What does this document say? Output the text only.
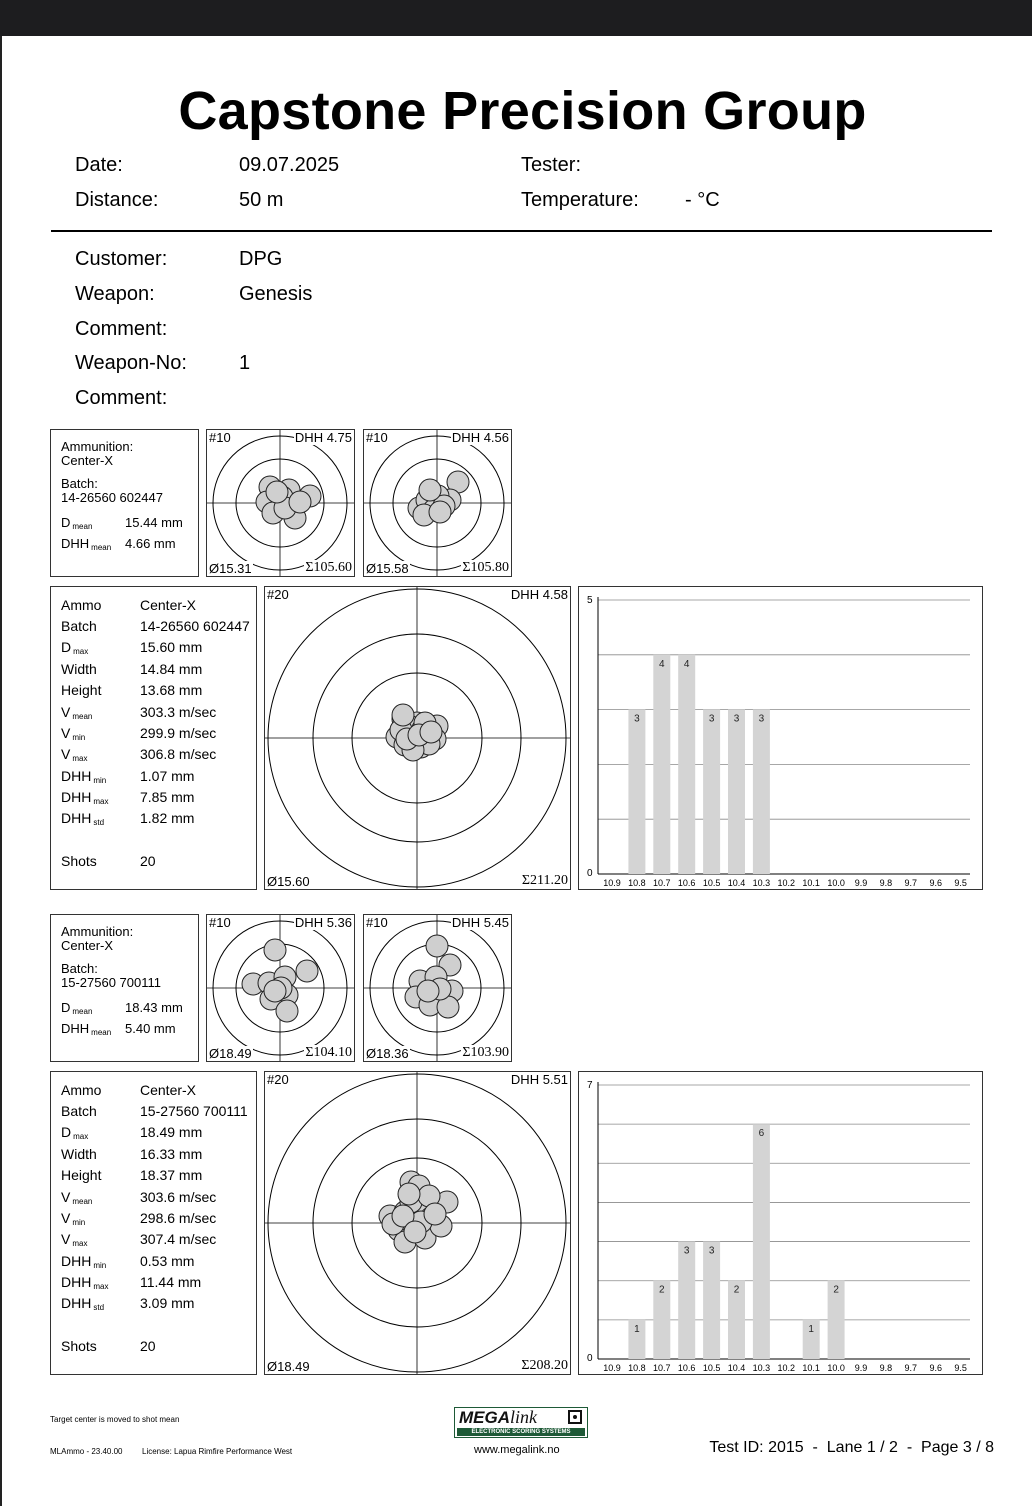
Capstone Precision Group
Date:	09.07.2025	Tester:
Distance:	50 m	Temperature: - °C
Customer:	DPG
Weapon:	Genesis
Comment:
Weapon-No:	1
Comment:
Ammunition:
Center-X
Batch:
14-26560 602447
D $_{mean}$	15.44 mm
DHH $_{mean}$ 4.66 mm
#10	DHH 4.75
Ø15.31	Σ105.60
#10	DHH 4.56
Ø15.58	Σ105.80
Ammo	Center-X
Batch	14-26560 602447
D $_{max}$	15.60 mm
Width	14.84 mm
Height	13.68 mm
V $_{mean}$	303.3 m/sec
V $_{min}$	299.9 m/sec
V $_{max}$	306.8 m/sec
DHH $_{min}$ 1.07 mm
DHH $_{max}$ 7.85 mm
DHH $_{std}$	1.82 mm
Shots	20
#20	DHH 4.58
Ø15.60	Σ211.20
5
0
10.9
3
10.8
4
10.7
4
10.6
3
10.5
3
10.4
3
10.3 10.2 10.1 10.0 9.9 9.8 9.7 9.6 9.5
Ammunition:
Center-X
Batch:
15-27560 700111
D $_{mean}$	18.43 mm
DHH $_{mean}$ 5.40 mm
#10	DHH 5.36
Ø18.49	Σ104.10
#10	DHH 5.45
Ø18.36	Σ103.90
Ammo	Center-X
Batch	15-27560 700111
D $_{max}$	18.49 mm
Width	16.33 mm
Height	18.37 mm
V $_{mean}$	303.6 m/sec
V $_{min}$	298.6 m/sec
V $_{max}$	307.4 m/sec
DHH $_{min}$ 0.53 mm
DHH $_{max}$ 11.44 mm
DHH $_{std}$	3.09 mm
Shots	20
#20	DHH 5.51
Ø18.49	Σ208.20
7
0
10.9
1
10.8
2
10.7
3
10.6
3
10.5
2
10.4
6
10.3 10.2
1
10.1
2
10.0 9.9 9.8 9.7 9.6 9.5
Target center is moved to shot mean
MLAmmo - 23.40.00 License: Lapua Rimfire Performance West
MEGA link
ELECTRONIC SCORING SYSTEMS
www.megalink.no	Test ID: 2015  -  Lane 1 / 2  -  Page 3 / 8
